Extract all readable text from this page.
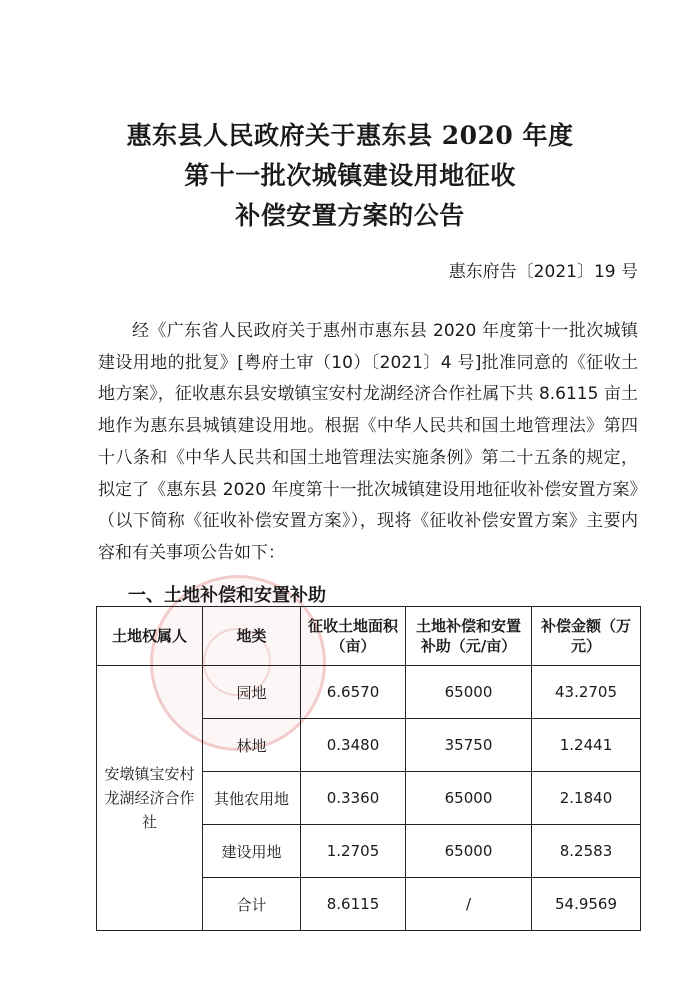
惠东县人民政府关于惠东县 2020 年度
第十一批次城镇建设用地征收
补偿安置方案的公告
惠东府告〔2021〕19 号
经《广东省人民政府关于惠州市惠东县 2020 年度第十一批次城镇建设用地的批复》[粤府土审（10）〔2021〕4 号]批准同意的《征收土地方案》，征收惠东县安墩镇宝安村龙湖经济合作社属下共 8.6115 亩土地作为惠东县城镇建设用地。根据《中华人民共和国土地管理法》第四十八条和《中华人民共和国土地管理法实施条例》第二十五条的规定，拟定了《惠东县 2020 年度第十一批次城镇建设用地征收补偿安置方案》（以下简称《征收补偿安置方案》），现将《征收补偿安置方案》主要内容和有关事项公告如下：
一、土地补偿和安置补助
土地权属人	地类	征收土地面积（亩）	土地补偿和安置补助（元/亩）	补偿金额（万元）
安墩镇宝安村龙湖经济合作社	园地	6.6570	65000	43.2705
	林地	0.3480	35750	1.2441
	其他农用地	0.3360	65000	2.1840
	建设用地	1.2705	65000	8.2583
	合计	8.6115	/	54.9569
